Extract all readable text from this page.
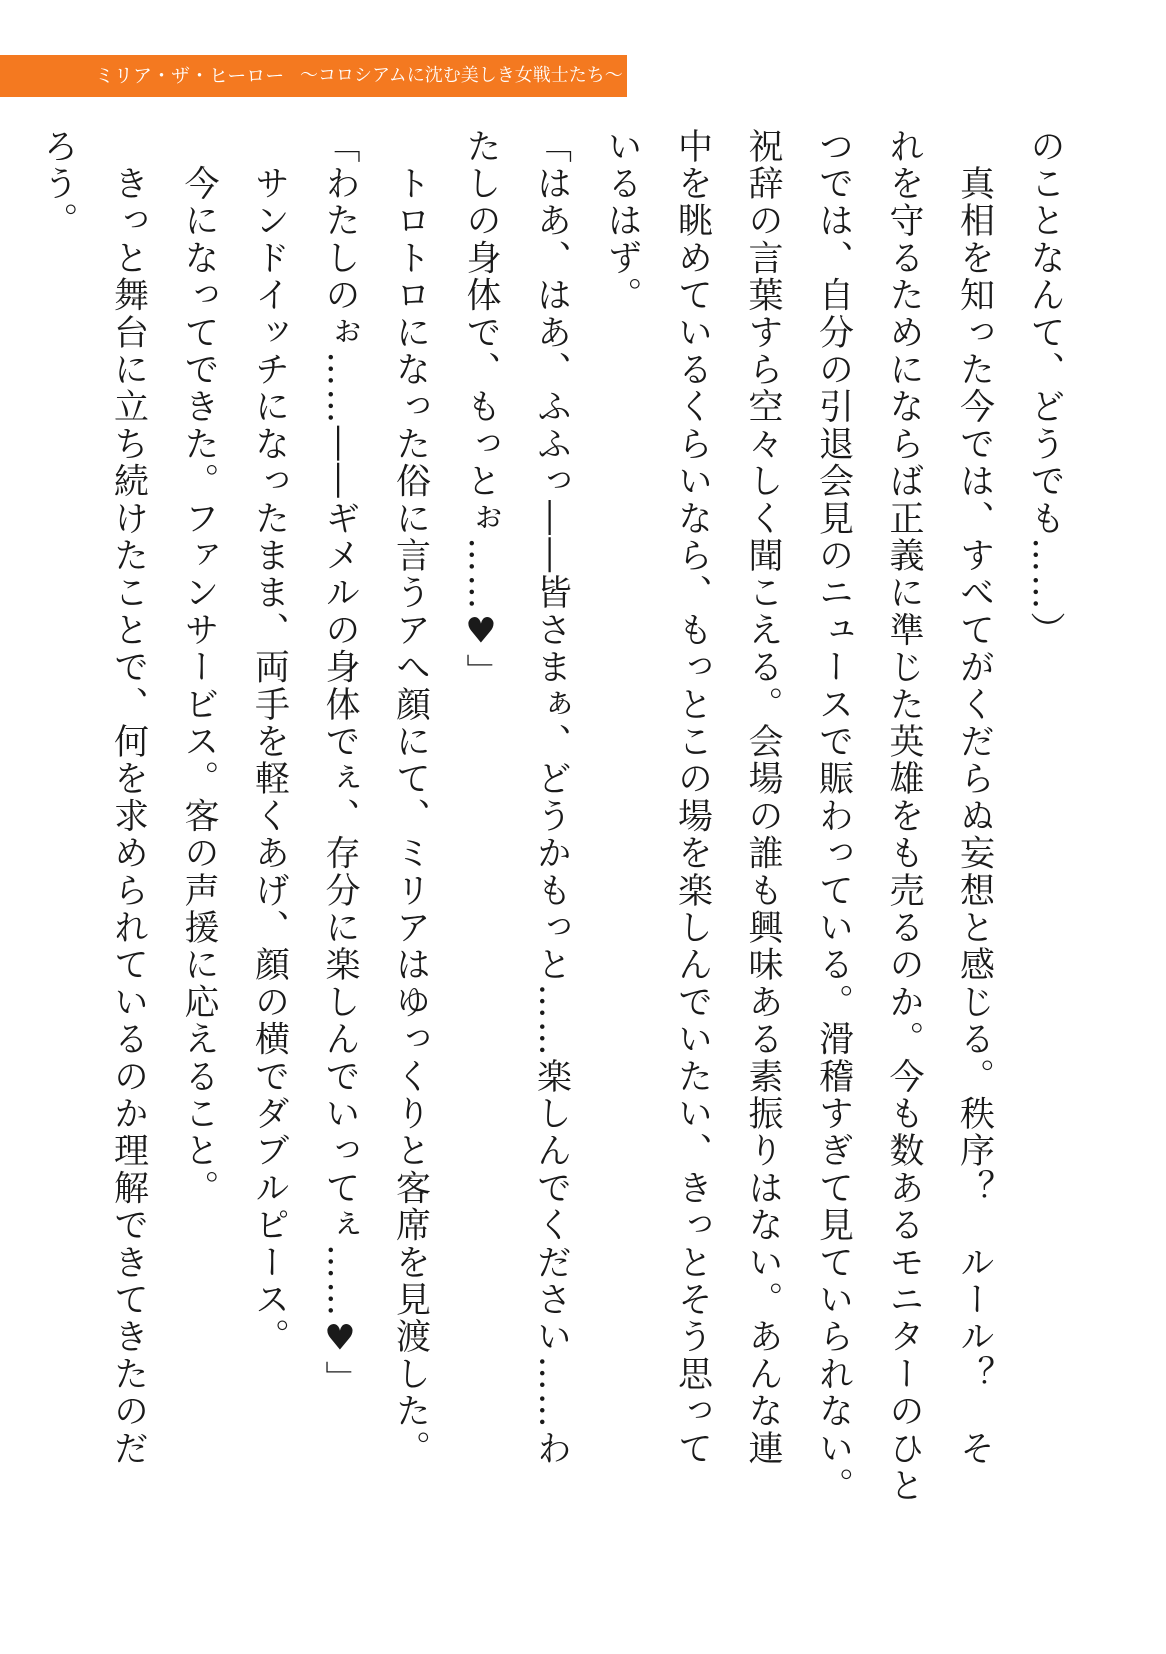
ミリア・ザ・ヒーロー 〜コロシアムに沈む美しき女戦士たち〜

のことなんて、どうでも……）

　真相を知った今では、すべてがくだらぬ妄想と感じる。秩序？　ルール？　そ

れを守るためにならば正義に準じた英雄をも売るのか。今も数あるモニターのひと

つでは、自分の引退会見のニュースで賑わっている。滑稽すぎて見ていられない。

祝辞の言葉すら空々しく聞こえる。会場の誰も興味ある素振りはない。あんな連

中を眺めているくらいなら、もっとこの場を楽しんでいたい、きっとそう思って

いるはず。

「はあ、はあ、ふふっ――皆さまぁ、どうかもっと……楽しんでください……わ

たしの身体で、もっとぉ……♥」

　トロトロになった俗に言うアへ顔にて、ミリアはゆっくりと客席を見渡した。

「わたしのぉ……――ギメルの身体でぇ、存分に楽しんでいってぇ……♥」

　サンドイッチになったまま、両手を軽くあげ、顔の横でダブルピース。

　今になってできた。ファンサービス。客の声援に応えること。

　きっと舞台に立ち続けたことで、何を求められているのか理解できてきたのだ

ろう。
